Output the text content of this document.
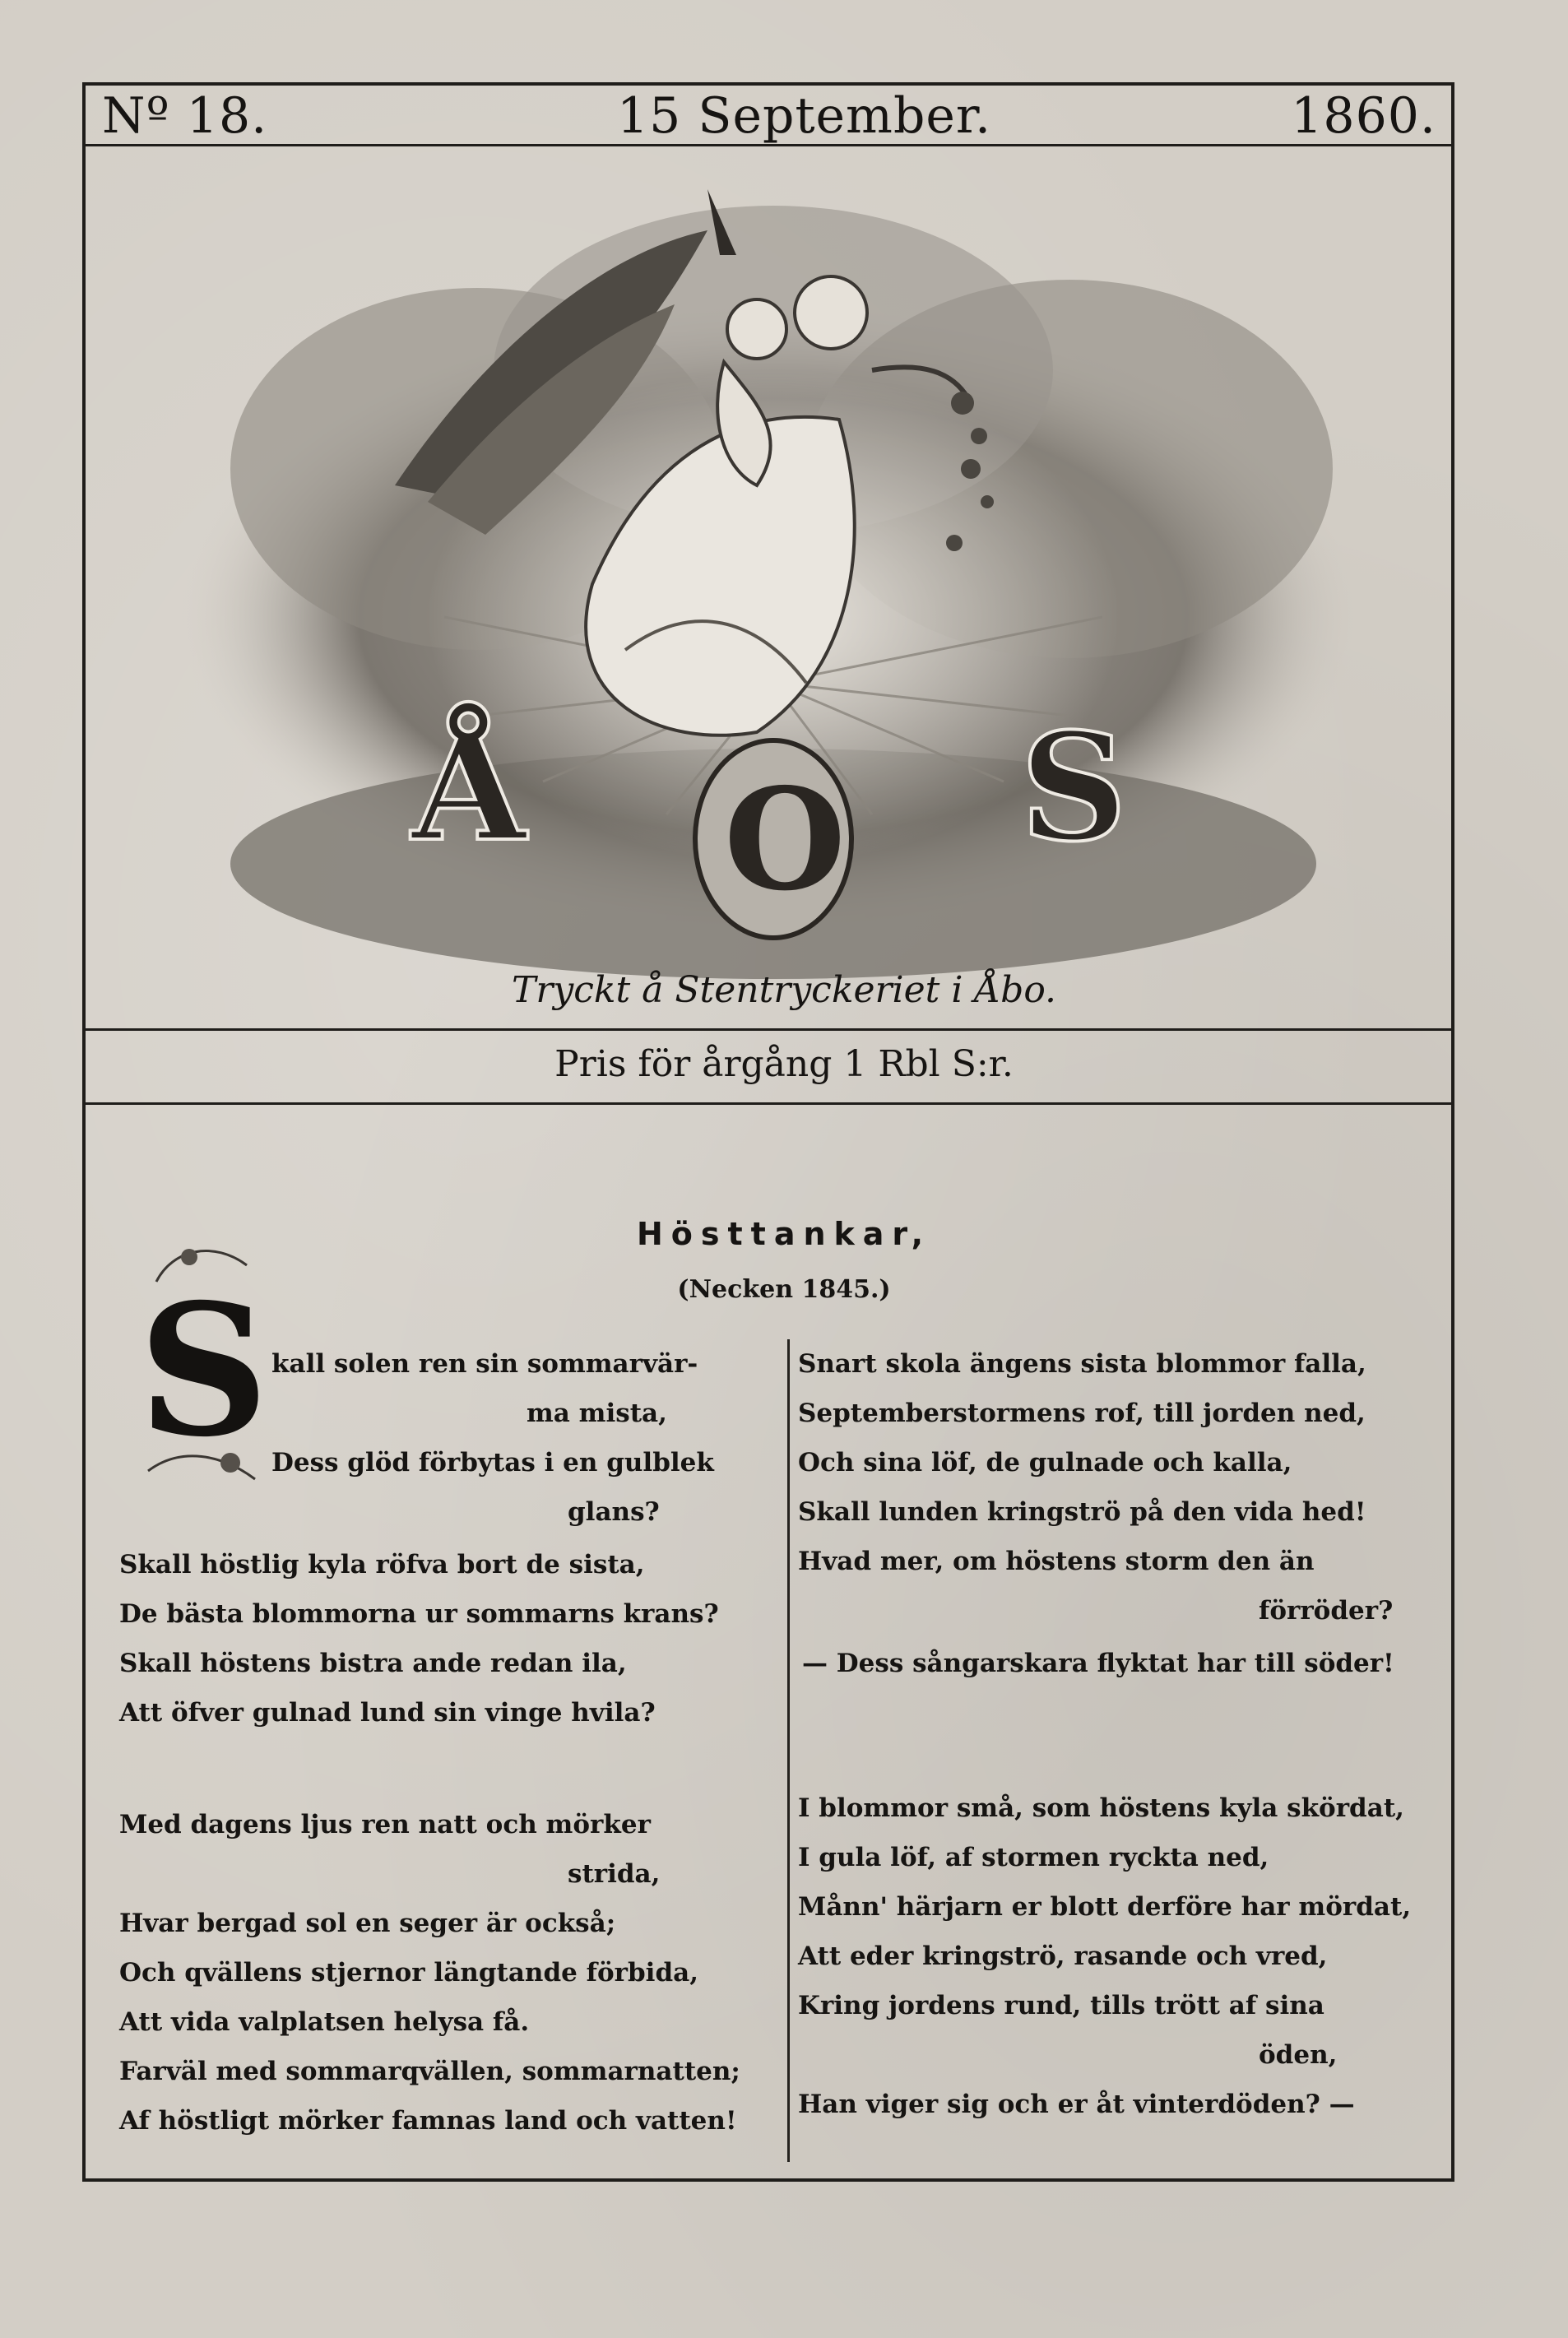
Nº 18.	15 September.	1860.
Å O S
Tryckt å Stentryckeriet i Åbo.
Pris för årgång 1 Rbl S:r.
Hösttankar,
(Necken 1845.)
S kall solen ren sin sommarvär-
ma mista,
Dess glöd förbytas i en gulblek
glans?
Skall höstlig kyla röfva bort de sista,
De bästa blommorna ur sommarns krans?
Skall höstens bistra ande redan ila,
Att öfver gulnad lund sin vinge hvila?
Med dagens ljus ren natt och mörker
strida,
Hvar bergad sol en seger är också;
Och qvällens stjernor längtande förbida,
Att vida valplatsen helysa få.
Farväl med sommarqvällen, sommarnatten;
Af höstligt mörker famnas land och vatten!
Snart skola ängens sista blommor falla,
Septemberstormens rof, till jorden ned,
Och sina löf, de gulnade och kalla,
Skall lunden kringströ på den vida hed!
Hvad mer, om höstens storm den än
förröder?
— Dess sångarskara flyktat har till söder!
I blommor små, som höstens kyla skördat,
I gula löf, af stormen ryckta ned,
Månn' härjarn er blott derföre har mördat,
Att eder kringströ, rasande och vred,
Kring jordens rund, tills trött af sina
öden,
Han viger sig och er åt vinterdöden? —
